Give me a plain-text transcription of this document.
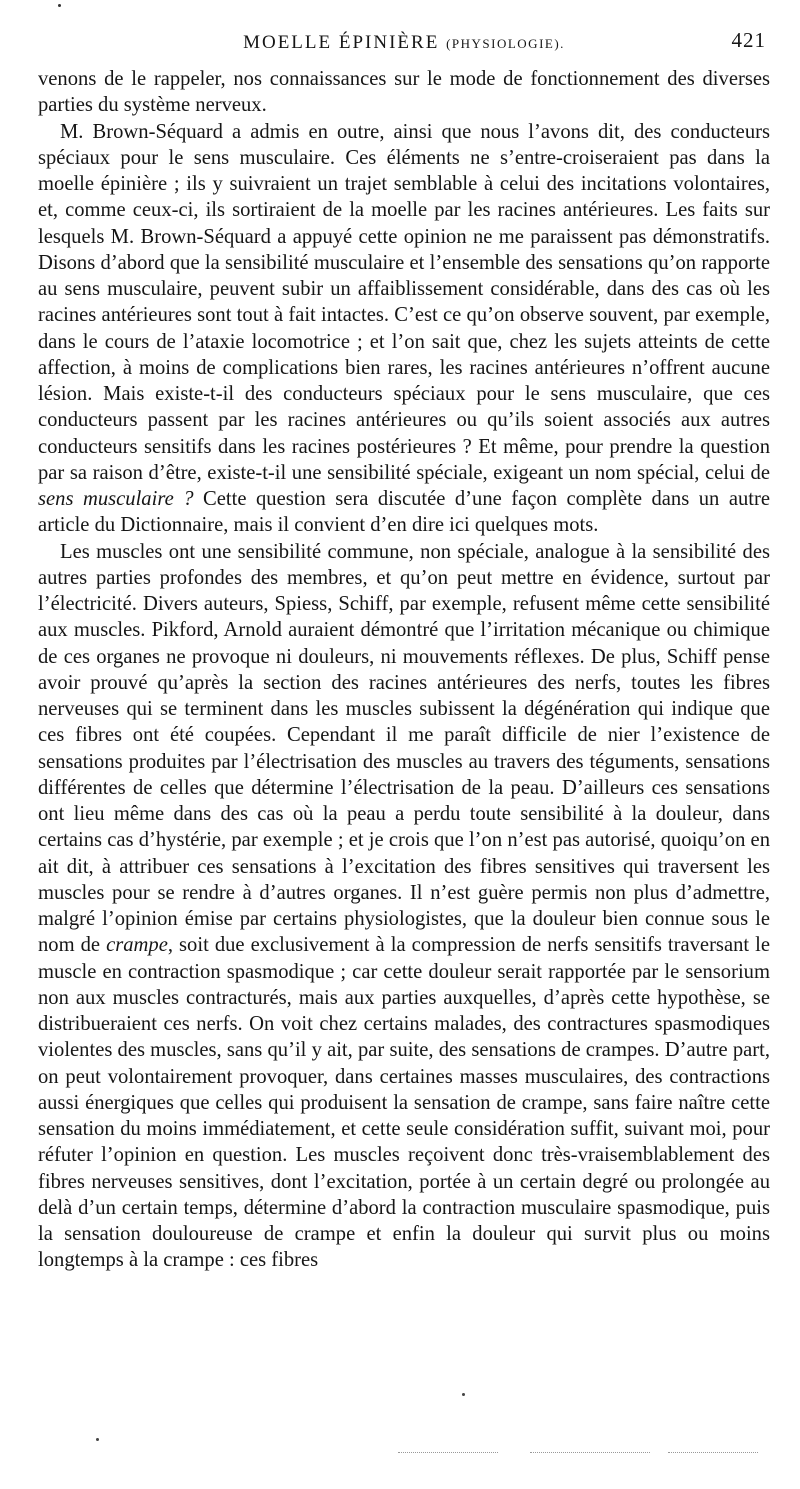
MOELLE ÉPINIÈRE (PHYSIOLOGIE).	421

venons de le rappeler, nos connaissances sur le mode de fonctionnement des diverses parties du système nerveux.

M. Brown-Séquard a admis en outre, ainsi que nous l’avons dit, des conducteurs spéciaux pour le sens musculaire. Ces éléments ne s’entre-croiseraient pas dans la moelle épinière ; ils y suivraient un trajet semblable à celui des incitations volontaires, et, comme ceux-ci, ils sortiraient de la moelle par les racines antérieures. Les faits sur lesquels M. Brown-Séquard a appuyé cette opinion ne me paraissent pas démonstratifs. Disons d’abord que la sensibilité musculaire et l’ensemble des sensations qu’on rapporte au sens musculaire, peuvent subir un affaiblissement considérable, dans des cas où les racines antérieures sont tout à fait intactes. C’est ce qu’on observe souvent, par exemple, dans le cours de l’ataxie locomotrice ; et l’on sait que, chez les sujets atteints de cette affection, à moins de complications bien rares, les racines antérieures n’offrent aucune lésion. Mais existe-t-il des conducteurs spéciaux pour le sens musculaire, que ces conducteurs passent par les racines antérieures ou qu’ils soient associés aux autres conducteurs sensitifs dans les racines postérieures ? Et même, pour prendre la question par sa raison d’être, existe-t-il une sensibilité spéciale, exigeant un nom spécial, celui de sens musculaire ? Cette question sera discutée d’une façon complète dans un autre article du Dictionnaire, mais il convient d’en dire ici quelques mots.

Les muscles ont une sensibilité commune, non spéciale, analogue à la sensibilité des autres parties profondes des membres, et qu’on peut mettre en évidence, surtout par l’électricité. Divers auteurs, Spiess, Schiff, par exemple, refusent même cette sensibilité aux muscles. Pikford, Arnold auraient démontré que l’irritation mécanique ou chimique de ces organes ne provoque ni douleurs, ni mouvements réflexes. De plus, Schiff pense avoir prouvé qu’après la section des racines antérieures des nerfs, toutes les fibres nerveuses qui se terminent dans les muscles subissent la dégénération qui indique que ces fibres ont été coupées. Cependant il me paraît difficile de nier l’existence de sensations produites par l’électrisation des muscles au travers des téguments, sensations différentes de celles que détermine l’électrisation de la peau. D’ailleurs ces sensations ont lieu même dans des cas où la peau a perdu toute sensibilité à la douleur, dans certains cas d’hystérie, par exemple ; et je crois que l’on n’est pas autorisé, quoiqu’on en ait dit, à attribuer ces sensations à l’excitation des fibres sensitives qui traversent les muscles pour se rendre à d’autres organes. Il n’est guère permis non plus d’admettre, malgré l’opinion émise par certains physiologistes, que la douleur bien connue sous le nom de crampe, soit due exclusivement à la compression de nerfs sensitifs traversant le muscle en contraction spasmodique ; car cette douleur serait rapportée par le sensorium non aux muscles contracturés, mais aux parties auxquelles, d’après cette hypothèse, se distribueraient ces nerfs. On voit chez certains malades, des contractures spasmodiques violentes des muscles, sans qu’il y ait, par suite, des sensations de crampes. D’autre part, on peut volontairement provoquer, dans certaines masses musculaires, des contractions aussi énergiques que celles qui produisent la sensation de crampe, sans faire naître cette sensation du moins immédiatement, et cette seule considération suffit, suivant moi, pour réfuter l’opinion en question. Les muscles reçoivent donc très-vraisemblablement des fibres nerveuses sensitives, dont l’excitation, portée à un certain degré ou prolongée au delà d’un certain temps, détermine d’abord la contraction musculaire spasmodique, puis la sensation douloureuse de crampe et enfin la douleur qui survit plus ou moins longtemps à la crampe : ces fibres
